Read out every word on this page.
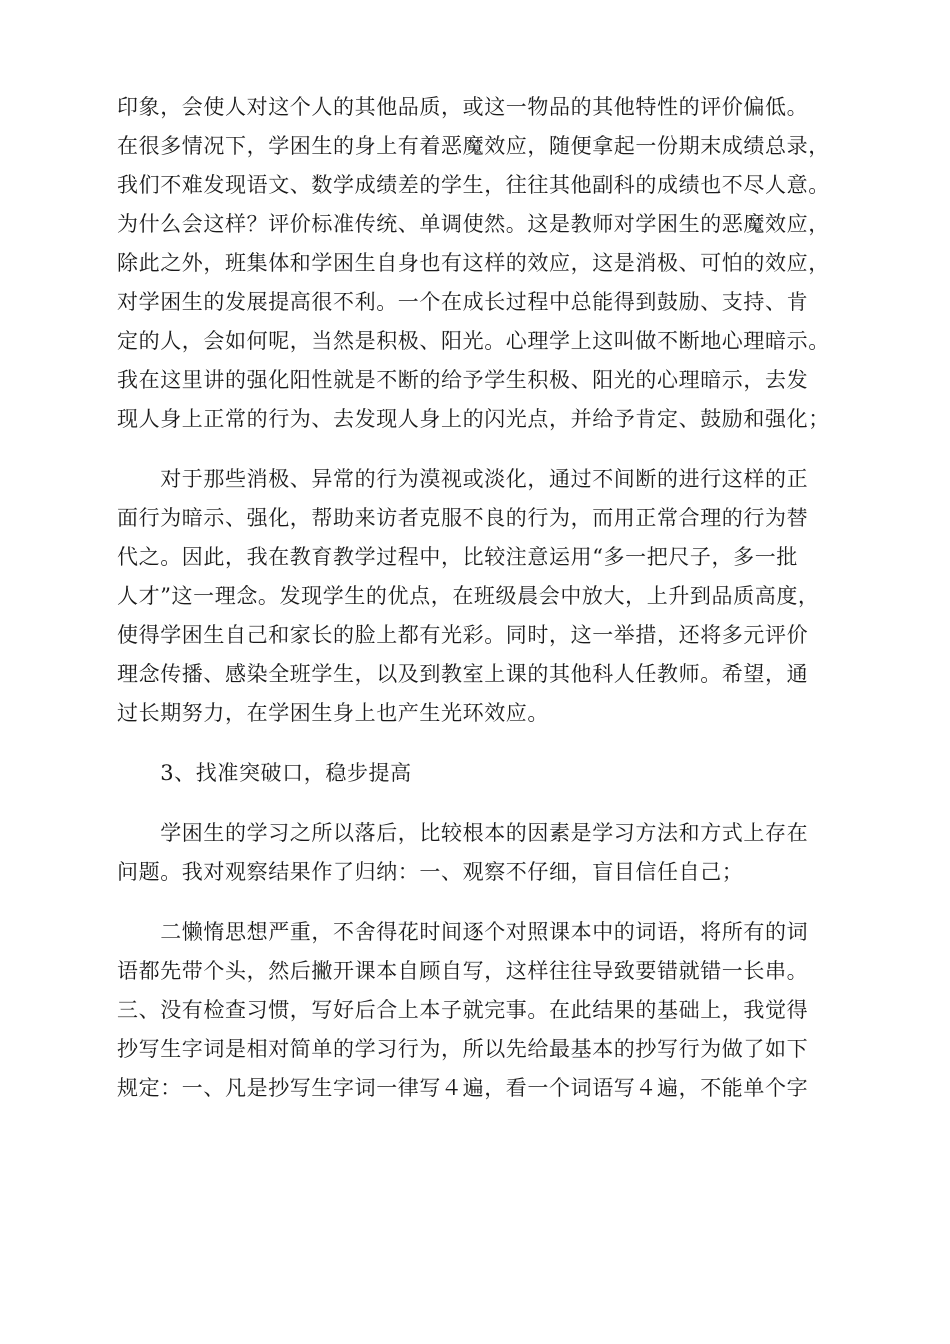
印象，会使人对这个人的其他品质，或这一物品的其他特性的评价偏低。
在很多情况下，学困生的身上有着恶魔效应，随便拿起一份期末成绩总录，
我们不难发现语文、数学成绩差的学生，往往其他副科的成绩也不尽人意。
为什么会这样？评价标准传统、单调使然。这是教师对学困生的恶魔效应，
除此之外，班集体和学困生自身也有这样的效应，这是消极、可怕的效应，
对学困生的发展提高很不利。一个在成长过程中总能得到鼓励、支持、肯
定的人，会如何呢，当然是积极、阳光。心理学上这叫做不断地心理暗示。
我在这里讲的强化阳性就是不断的给予学生积极、阳光的心理暗示，去发
现人身上正常的行为、去发现人身上的闪光点，并给予肯定、鼓励和强化；

　　对于那些消极、异常的行为漠视或淡化，通过不间断的进行这样的正
面行为暗示、强化，帮助来访者克服不良的行为，而用正常合理的行为替
代之。因此，我在教育教学过程中，比较注意运用“多一把尺子，多一批
人才”这一理念。发现学生的优点，在班级晨会中放大，上升到品质高度，
使得学困生自己和家长的脸上都有光彩。同时，这一举措，还将多元评价
理念传播、感染全班学生，以及到教室上课的其他科人任教师。希望，通
过长期努力，在学困生身上也产生光环效应。

　　3、找准突破口，稳步提高

　　学困生的学习之所以落后，比较根本的因素是学习方法和方式上存在
问题。我对观察结果作了归纳：一、观察不仔细，盲目信任自己；

　　二懒惰思想严重，不舍得花时间逐个对照课本中的词语，将所有的词
语都先带个头，然后撇开课本自顾自写，这样往往导致要错就错一长串。
三、没有检查习惯，写好后合上本子就完事。在此结果的基础上，我觉得
抄写生字词是相对简单的学习行为，所以先给最基本的抄写行为做了如下
规定：一、凡是抄写生字词一律写４遍，看一个词语写４遍，不能单个字
